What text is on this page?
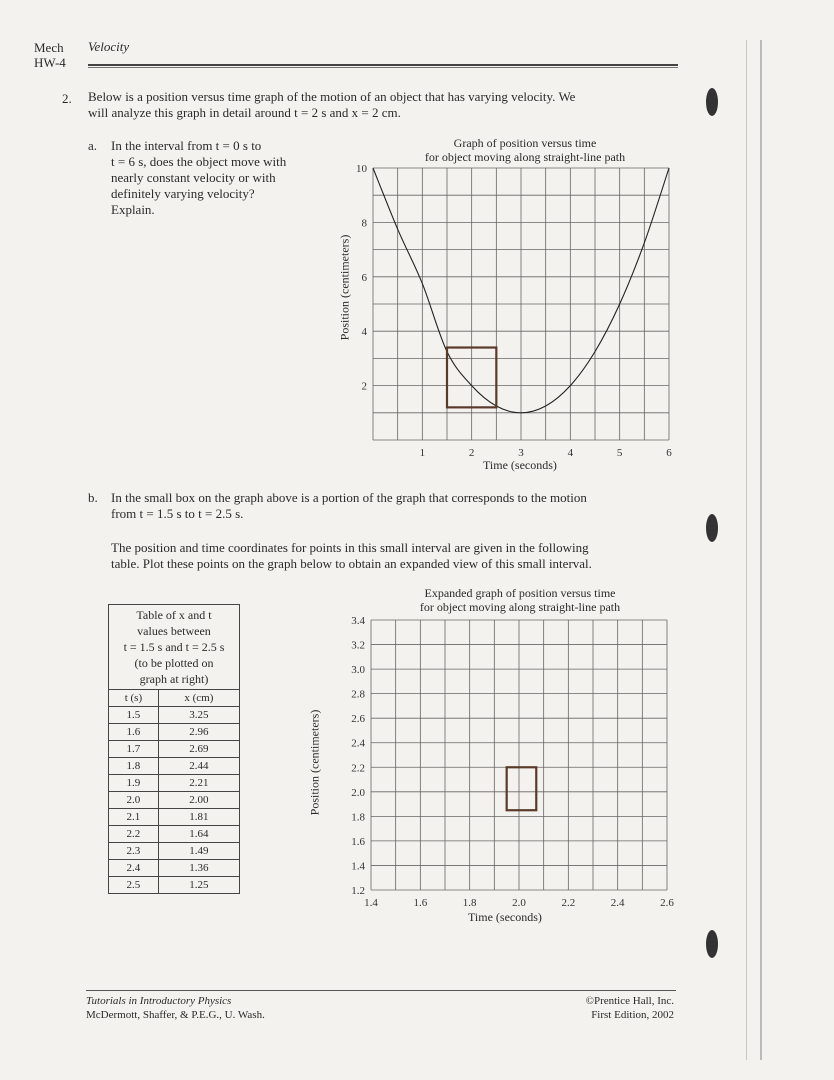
Mech
HW-4
Velocity
2. Below is a position versus time graph of the motion of an object that has varying velocity. We
will analyze this graph in detail around t = 2 s and x = 2 cm.
a. In the interval from t = 0 s to
t = 6 s, does the object move with
nearly constant velocity or with
definitely varying velocity?
Explain.
Graph of position versus time
for object moving along straight-line path
Position (centimeters)
Time (seconds)
1	2	3	4	5	6
2
4
6
8
10
b. In the small box on the graph above is a portion of the graph that corresponds to the motion
from t = 1.5 s to t = 2.5 s.
The position and time coordinates for points in this small interval are given in the following
table. Plot these points on the graph below to obtain an expanded view of this small interval.
Table of x and t
values between
t = 1.5 s and t = 2.5 s
(to be plotted on
graph at right)	

t (s)	x (cm)
1.5	3.25
1.6	2.96
1.7	2.69
1.8	2.44
1.9	2.21
2.0	2.00
2.1	1.81
2.2	1.64
2.3	1.49
2.4	1.36
2.5	1.25
Expanded graph of position versus time
for object moving along straight-line path
Position (centimeters)
Time (seconds)
1.4	1.6	1.8	2.0	2.2	2.4	2.6
1.2
1.4
1.6
1.8
2.0
2.2
2.4
2.6
2.8
3.0
3.2
3.4
Tutorials in Introductory Physics
McDermott, Shaffer, & P.E.G., U. Wash.
©Prentice Hall, Inc.
First Edition, 2002
